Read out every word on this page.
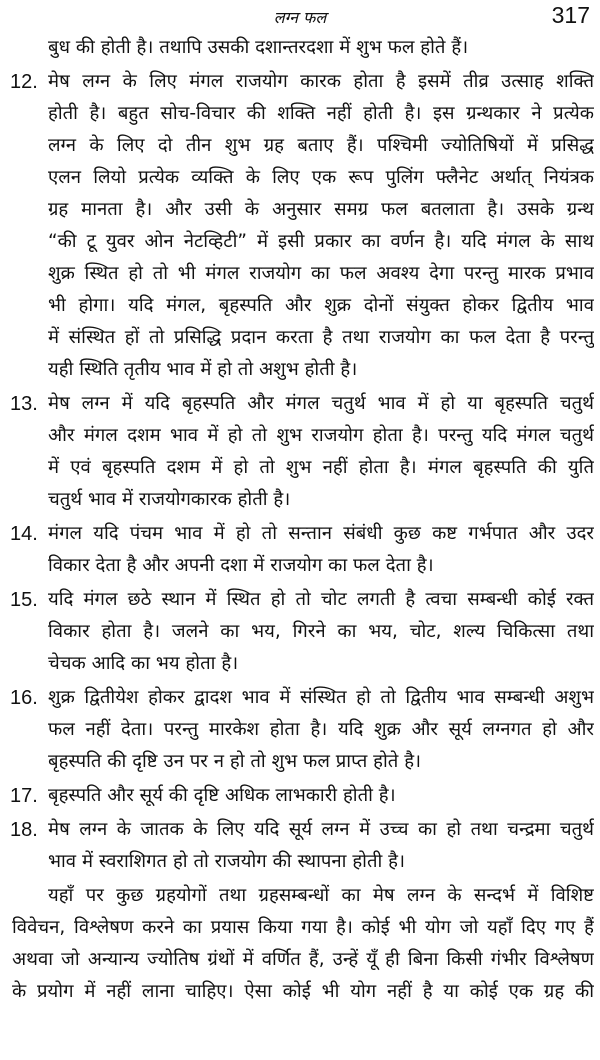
लग्न फल	317
बुध की होती है। तथापि उसकी दशान्तरदशा में शुभ फल होते हैं।
12. मेष लग्न के लिए मंगल राजयोग कारक होता है इसमें तीव्र उत्साह शक्ति
होती है। बहुत सोच-विचार की शक्ति नहीं होती है। इस ग्रन्थकार ने प्रत्येक
लग्न के लिए दो तीन शुभ ग्रह बताए हैं। पश्चिमी ज्योतिषियों में प्रसिद्ध
एलन लियो प्रत्येक व्यक्ति के लिए एक रूप पुलिंग फ्लैनेट अर्थात् नियंत्रक
ग्रह मानता है। और उसी के अनुसार समग्र फल बतलाता है। उसके ग्रन्थ
“की टू युवर ओन नेटव्हिटी” में इसी प्रकार का वर्णन है। यदि मंगल के साथ
शुक्र स्थित हो तो भी मंगल राजयोग का फल अवश्य देगा परन्तु मारक प्रभाव
भी होगा। यदि मंगल, बृहस्पति और शुक्र दोनों संयुक्त होकर द्वितीय भाव
में संस्थित हों तो प्रसिद्धि प्रदान करता है तथा राजयोग का फल देता है परन्तु
यही स्थिति तृतीय भाव में हो तो अशुभ होती है।
13. मेष लग्न में यदि बृहस्पति और मंगल चतुर्थ भाव में हो या बृहस्पति चतुर्थ
और मंगल दशम भाव में हो तो शुभ राजयोग होता है। परन्तु यदि मंगल चतुर्थ
में एवं बृहस्पति दशम में हो तो शुभ नहीं होता है। मंगल बृहस्पति की युति
चतुर्थ भाव में राजयोगकारक होती है।
14. मंगल यदि पंचम भाव में हो तो सन्तान संबंधी कुछ कष्ट गर्भपात और उदर
विकार देता है और अपनी दशा में राजयोग का फल देता है।
15. यदि मंगल छठे स्थान में स्थित हो तो चोट लगती है त्वचा सम्बन्धी कोई रक्त
विकार होता है। जलने का भय, गिरने का भय, चोट, शल्य चिकित्सा तथा
चेचक आदि का भय होता है।
16. शुक्र द्वितीयेश होकर द्वादश भाव में संस्थित हो तो द्वितीय भाव सम्बन्धी अशुभ
फल नहीं देता। परन्तु मारकेश होता है। यदि शुक्र और सूर्य लग्नगत हो और
बृहस्पति की दृष्टि उन पर न हो तो शुभ फल प्राप्त होते है।
17. बृहस्पति और सूर्य की दृष्टि अधिक लाभकारी होती है।
18. मेष लग्न के जातक के लिए यदि सूर्य लग्न में उच्च का हो तथा चन्द्रमा चतुर्थ
भाव में स्वराशिगत हो तो राजयोग की स्थापना होती है।
यहाँ पर कुछ ग्रहयोगों तथा ग्रहसम्बन्धों का मेष लग्न के सन्दर्भ में विशिष्ट
विवेचन, विश्लेषण करने का प्रयास किया गया है। कोई भी योग जो यहाँ दिए गए हैं
अथवा जो अन्यान्य ज्योतिष ग्रंथों में वर्णित हैं, उन्हें यूँ ही बिना किसी गंभीर विश्लेषण
के प्रयोग में नहीं लाना चाहिए। ऐसा कोई भी योग नहीं है या कोई एक ग्रह की
